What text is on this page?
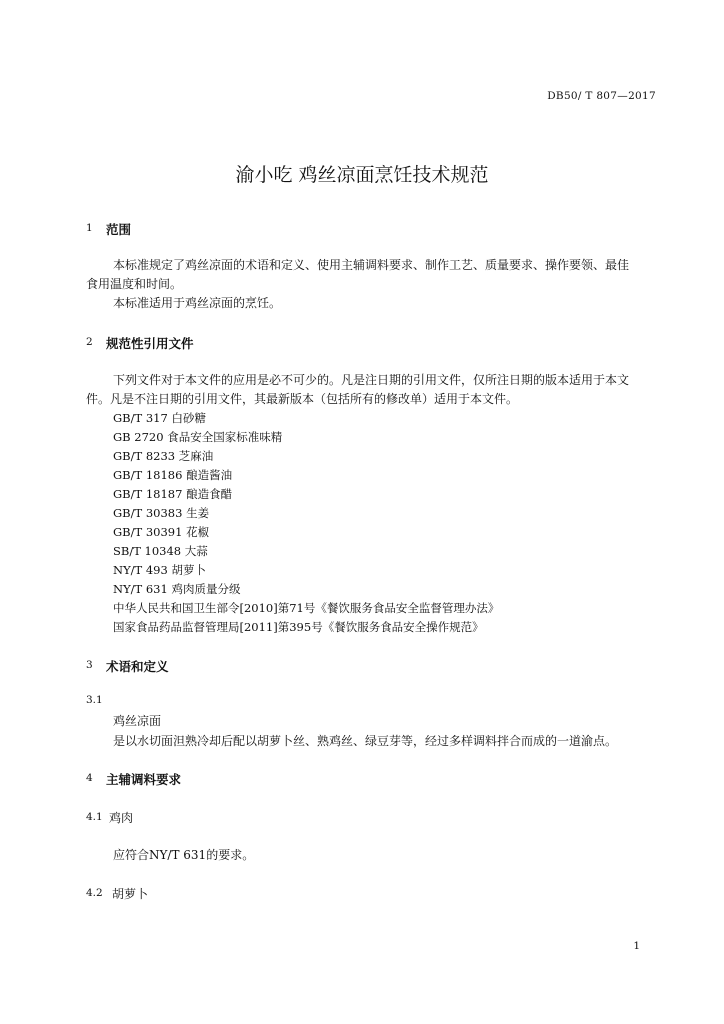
DB50/ T 807—2017
渝小吃 鸡丝凉面烹饪技术规范
1 范围
本标准规定了鸡丝凉面的术语和定义、使用主辅调料要求、制作工艺、质量要求、操作要领、最佳
食用温度和时间。
本标准适用于鸡丝凉面的烹饪。
2 规范性引用文件
下列文件对于本文件的应用是必不可少的。凡是注日期的引用文件，仅所注日期的版本适用于本文
件。凡是不注日期的引用文件，其最新版本（包括所有的修改单）适用于本文件。
GB/T 317 白砂糖
GB 2720 食品安全国家标准味精
GB/T 8233 芝麻油
GB/T 18186 酿造酱油
GB/T 18187 酿造食醋
GB/T 30383 生姜
GB/T 30391 花椒
SB/T 10348 大蒜
NY/T 493 胡萝卜
NY/T 631 鸡肉质量分级
中华人民共和国卫生部令[2010]第71号《餐饮服务食品安全监督管理办法》
国家食品药品监督管理局[2011]第395号《餐饮服务食品安全操作规范》
3 术语和定义
3.1
鸡丝凉面
是以水切面泹熟冷却后配以胡萝卜丝、熟鸡丝、绿豆芽等，经过多样调料拌合而成的一道渝点。
4 主辅调料要求
4.1 鸡肉
应符合NY/T 631的要求。
4.2 胡萝卜
1
